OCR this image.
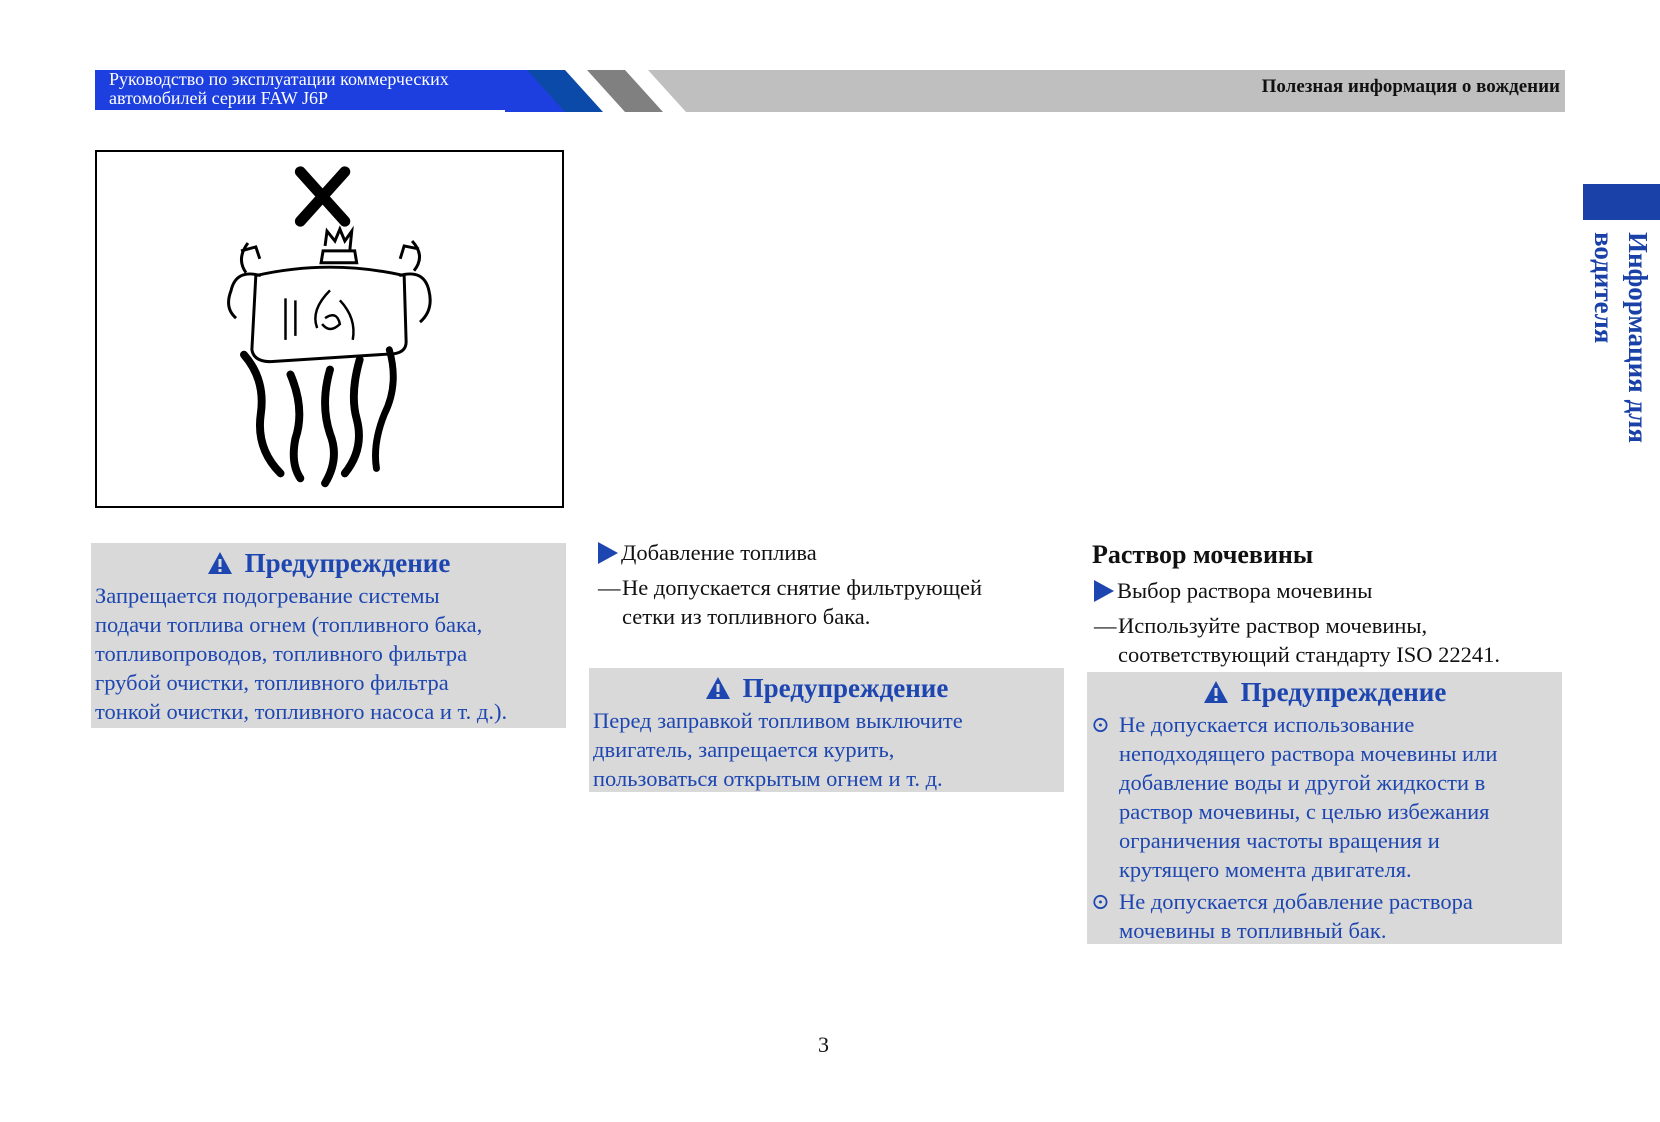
Руководство по эксплуатации коммерческих
автомобилей серии FAW J6P
Полезная информация о вождении
Информация для водителя
Предупреждение
Запрещается подогревание системы
подачи топлива огнем (топливного бака,
топливопроводов, топливного фильтра
грубой очистки, топливного фильтра
тонкой очистки, топливного насоса и т. д.).
Добавление топлива
— Не допускается снятие фильтрующей
сетки из топливного бака.
Предупреждение
Перед заправкой топливом выключите
двигатель, запрещается курить,
пользоваться открытым огнем и т. д.
Раствор мочевины
Выбор раствора мочевины
— Используйте раствор мочевины,
соответствующий стандарту ISO 22241.
Предупреждение
⊙ Не допускается использование
неподходящего раствора мочевины или
добавление воды и другой жидкости в
раствор мочевины, с целью избежания
ограничения частоты вращения и
крутящего момента двигателя.
⊙ Не допускается добавление раствора
мочевины в топливный бак.
3
